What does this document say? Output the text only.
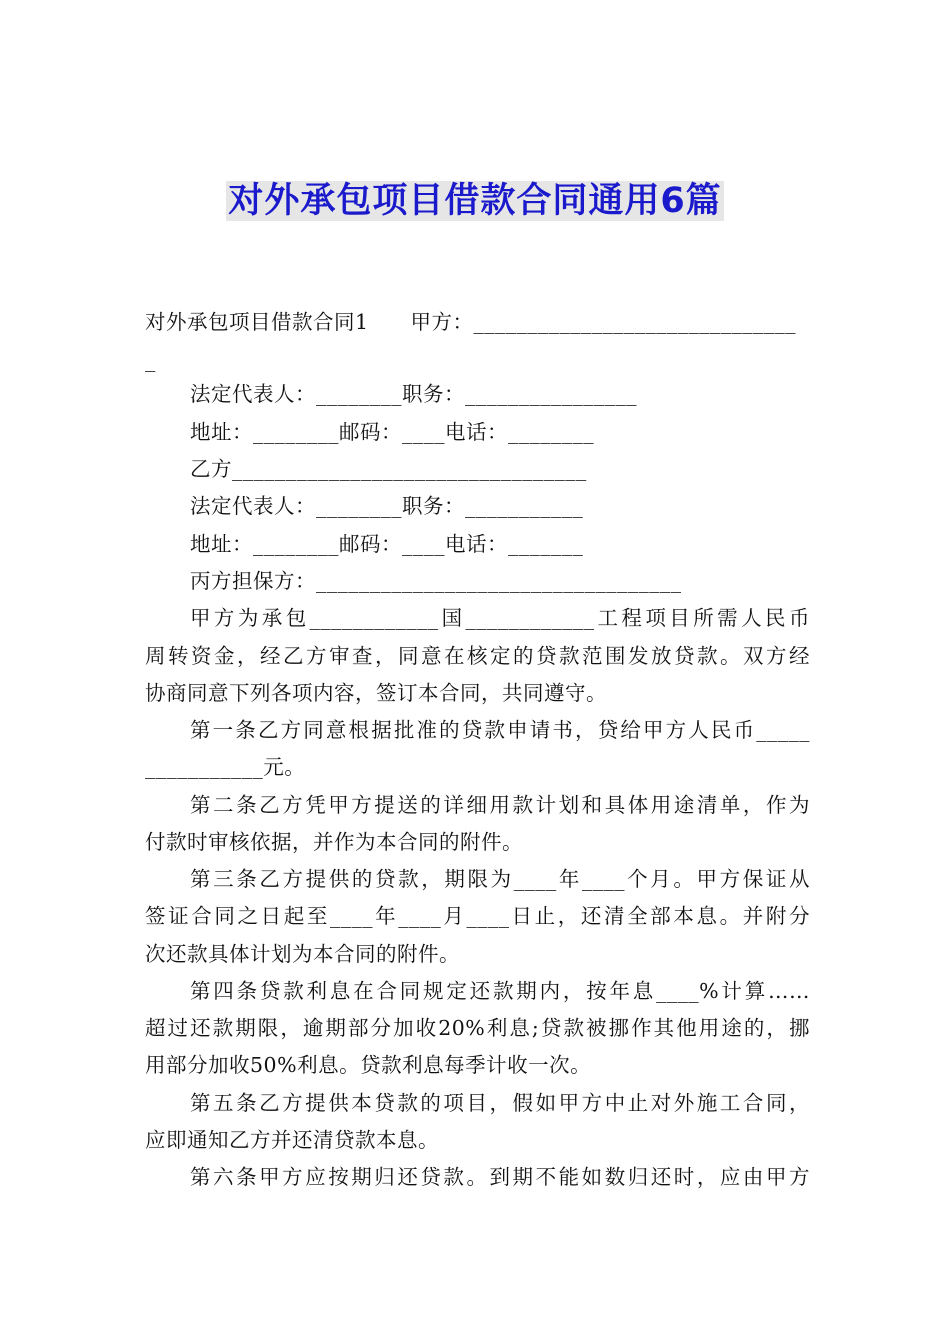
对外承包项目借款合同通用6篇
对外承包项目借款合同1　　甲方：______________________________
_
法定代表人：________职务：________________
地址：________邮码：____电话：________
乙方_________________________________
法定代表人：________职务：___________
地址：________邮码：____电话：_______
丙方担保方：__________________________________
甲方为承包____________国____________工程项目所需人民币
周转资金，经乙方审查，同意在核定的贷款范围发放贷款。双方经
协商同意下列各项内容，签订本合同，共同遵守。
第一条乙方同意根据批准的贷款申请书，贷给甲方人民币_____
___________元。
第二条乙方凭甲方提送的详细用款计划和具体用途清单，作为
付款时审核依据，并作为本合同的附件。
第三条乙方提供的贷款，期限为____年____个月。甲方保证从
签证合同之日起至____年____月____日止，还清全部本息。并附分
次还款具体计划为本合同的附件。
第四条贷款利息在合同规定还款期内，按年息____%计算……
超过还款期限，逾期部分加收20%利息;贷款被挪作其他用途的，挪
用部分加收50%利息。贷款利息每季计收一次。
第五条乙方提供本贷款的项目，假如甲方中止对外施工合同，
应即通知乙方并还清贷款本息。
第六条甲方应按期归还贷款。到期不能如数归还时，应由甲方
